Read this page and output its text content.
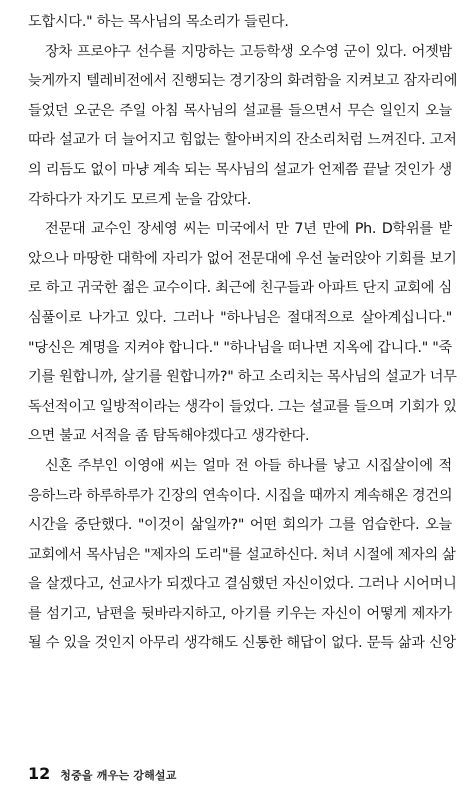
도합시다." 하는 목사님의 목소리가 들린다.
장차 프로야구 선수를 지망하는 고등학생 오수영 군이 있다. 어젯밤
늦게까지 텔레비전에서 진행되는 경기장의 화려함을 지켜보고 잠자리에
들었던 오군은 주일 아침 목사님의 설교를 들으면서 무슨 일인지 오늘
따라 설교가 더 늘어지고 힘없는 할아버지의 잔소리처럼 느껴진다. 고저
의 리듬도 없이 마냥 계속 되는 목사님의 설교가 언제쯤 끝날 것인가 생
각하다가 자기도 모르게 눈을 감았다.
전문대 교수인 장세영 씨는 미국에서 만 7년 만에 Ph. D학위를 받
았으나 마땅한 대학에 자리가 없어 전문대에 우선 눌러앉아 기회를 보기
로 하고 귀국한 젊은 교수이다. 최근에 친구들과 아파트 단지 교회에 심
심풀이로 나가고 있다. 그러나 "하나님은 절대적으로 살아계십니다."
"당신은 계명을 지켜야 합니다." "하나님을 떠나면 지옥에 갑니다." "죽
기를 원합니까, 살기를 원합니까?" 하고 소리치는 목사님의 설교가 너무
독선적이고 일방적이라는 생각이 들었다. 그는 설교를 들으며 기회가 있
으면 불교 서적을 좀 탐독해야겠다고 생각한다.
신혼 주부인 이영애 씨는 얼마 전 아들 하나를 낳고 시집살이에 적
응하느라 하루하루가 긴장의 연속이다. 시집을 때까지 계속해온 경건의
시간을 중단했다. "이것이 삶일까?" 어떤 회의가 그를 엄습한다. 오늘
교회에서 목사님은 "제자의 도리"를 설교하신다. 처녀 시절에 제자의 삶
을 살겠다고, 선교사가 되겠다고 결심했던 자신이었다. 그러나 시어머니
를 섬기고, 남편을 뒷바라지하고, 아기를 키우는 자신이 어떻게 제자가
될 수 있을 것인지 아무리 생각해도 신통한 해답이 없다. 문득 삶과 신앙
12 청중을 깨우는 강해설교
